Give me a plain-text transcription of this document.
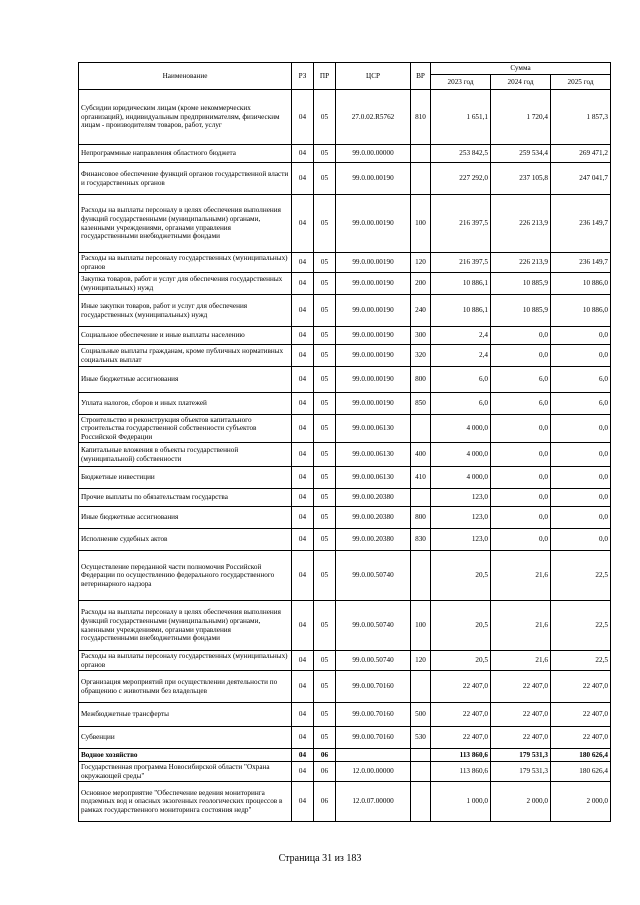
Наименование	РЗ	ПР	ЦСР	ВР	Сумма		
					2023 год	2024 год	2025 год
Субсидии юридическим лицам (кроме некоммерческих организаций), индивидуальным предпринимателям, физическим лицам - производителям товаров, работ, услуг	04	05	27.0.02.R5762	810	1 651,1	1 720,4	1 857,3
Непрограммные направления областного бюджета	04	05	99.0.00.00000		253 842,5	259 534,4	269 471,2
Финансовое обеспечение функций органов государственной власти и государственных органов	04	05	99.0.00.00190		227 292,0	237 105,8	247 041,7
Расходы на выплаты персоналу в целях обеспечения выполнения функций государственными (муниципальными) органами, казенными учреждениями, органами управления государственными внебюджетными фондами	04	05	99.0.00.00190	100	216 397,5	226 213,9	236 149,7
Расходы на выплаты персоналу государственных (муниципальных) органов	04	05	99.0.00.00190	120	216 397,5	226 213,9	236 149,7
Закупка товаров, работ и услуг для обеспечения государственных (муниципальных) нужд	04	05	99.0.00.00190	200	10 886,1	10 885,9	10 886,0
Иные закупки товаров, работ и услуг для обеспечения государственных (муниципальных) нужд	04	05	99.0.00.00190	240	10 886,1	10 885,9	10 886,0
Социальное обеспечение и иные выплаты населению	04	05	99.0.00.00190	300	2,4	0,0	0,0
Социальные выплаты гражданам, кроме публичных нормативных социальных выплат	04	05	99.0.00.00190	320	2,4	0,0	0,0
Иные бюджетные ассигнования	04	05	99.0.00.00190	800	6,0	6,0	6,0
Уплата налогов, сборов и иных платежей	04	05	99.0.00.00190	850	6,0	6,0	6,0
Строительство и реконструкция объектов капитального строительства государственной собственности субъектов Российской Федерации	04	05	99.0.00.06130		4 000,0	0,0	0,0
Капитальные вложения в объекты государственной (муниципальной) собственности	04	05	99.0.00.06130	400	4 000,0	0,0	0,0
Бюджетные инвестиции	04	05	99.0.00.06130	410	4 000,0	0,0	0,0
Прочие выплаты по обязательствам государства	04	05	99.0.00.20380		123,0	0,0	0,0
Иные бюджетные ассигнования	04	05	99.0.00.20380	800	123,0	0,0	0,0
Исполнение судебных актов	04	05	99.0.00.20380	830	123,0	0,0	0,0
Осуществление переданной части полномочия Российской Федерации по осуществлению федерального государственного ветеринарного надзора	04	05	99.0.00.50740		20,5	21,6	22,5
Расходы на выплаты персоналу в целях обеспечения выполнения функций государственными (муниципальными) органами, казенными учреждениями, органами управления государственными внебюджетными фондами	04	05	99.0.00.50740	100	20,5	21,6	22,5
Расходы на выплаты персоналу государственных (муниципальных) органов	04	05	99.0.00.50740	120	20,5	21,6	22,5
Организация мероприятий при осуществлении деятельности по обращению с животными без владельцев	04	05	99.0.00.70160		22 407,0	22 407,0	22 407,0
Межбюджетные трансферты	04	05	99.0.00.70160	500	22 407,0	22 407,0	22 407,0
Субвенции	04	05	99.0.00.70160	530	22 407,0	22 407,0	22 407,0
Водное хозяйство	04	06			113 860,6	179 531,3	180 626,4
Государственная программа Новосибирской области "Охрана окружающей среды"	04	06	12.0.00.00000		113 860,6	179 531,3	180 626,4
Основное мероприятие "Обеспечение ведения мониторинга подземных вод и опасных экзогенных геологических процессов в рамках государственного мониторинга состояния недр"	04	06	12.0.07.00000		1 000,0	2 000,0	2 000,0
Страница 31 из 183
